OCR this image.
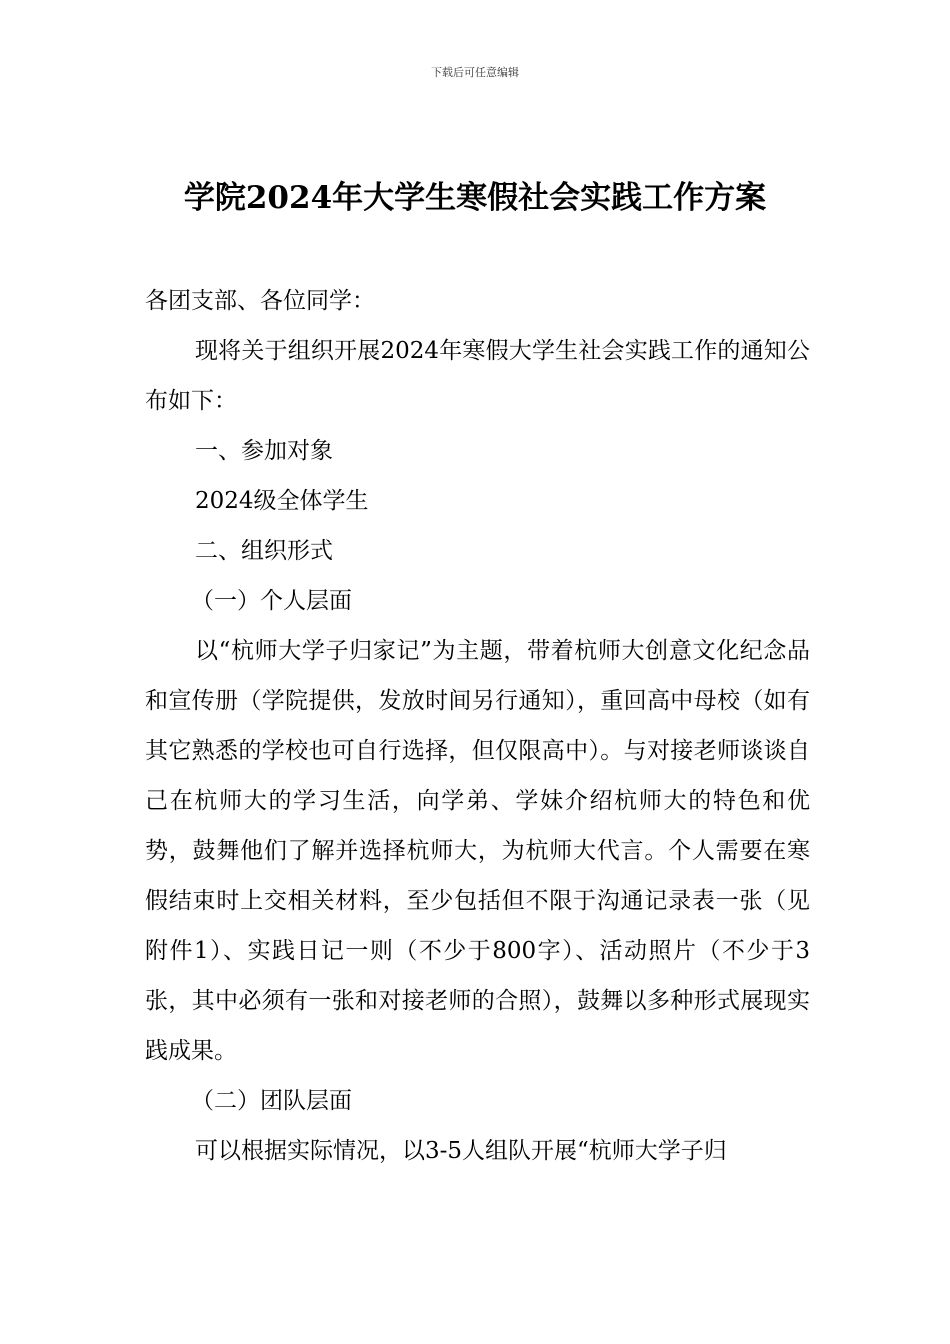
下载后可任意编辑
学院2024年大学生寒假社会实践工作方案

各团支部、各位同学：

现将关于组织开展2024年寒假大学生社会实践工作的通知公布如下：

一、参加对象

2024级全体学生

二、组织形式

（一）个人层面

以“杭师大学子归家记”为主题，带着杭师大创意文化纪念品和宣传册（学院提供，发放时间另行通知），重回高中母校（如有其它熟悉的学校也可自行选择，但仅限高中）。与对接老师谈谈自己在杭师大的学习生活，向学弟、学妹介绍杭师大的特色和优势，鼓舞他们了解并选择杭师大，为杭师大代言。个人需要在寒假结束时上交相关材料，至少包括但不限于沟通记录表一张（见附件1）、实践日记一则（不少于800字）、活动照片（不少于3张，其中必须有一张和对接老师的合照），鼓舞以多种形式展现实践成果。

（二）团队层面

可以根据实际情况，以3-5人组队开展“杭师大学子归
